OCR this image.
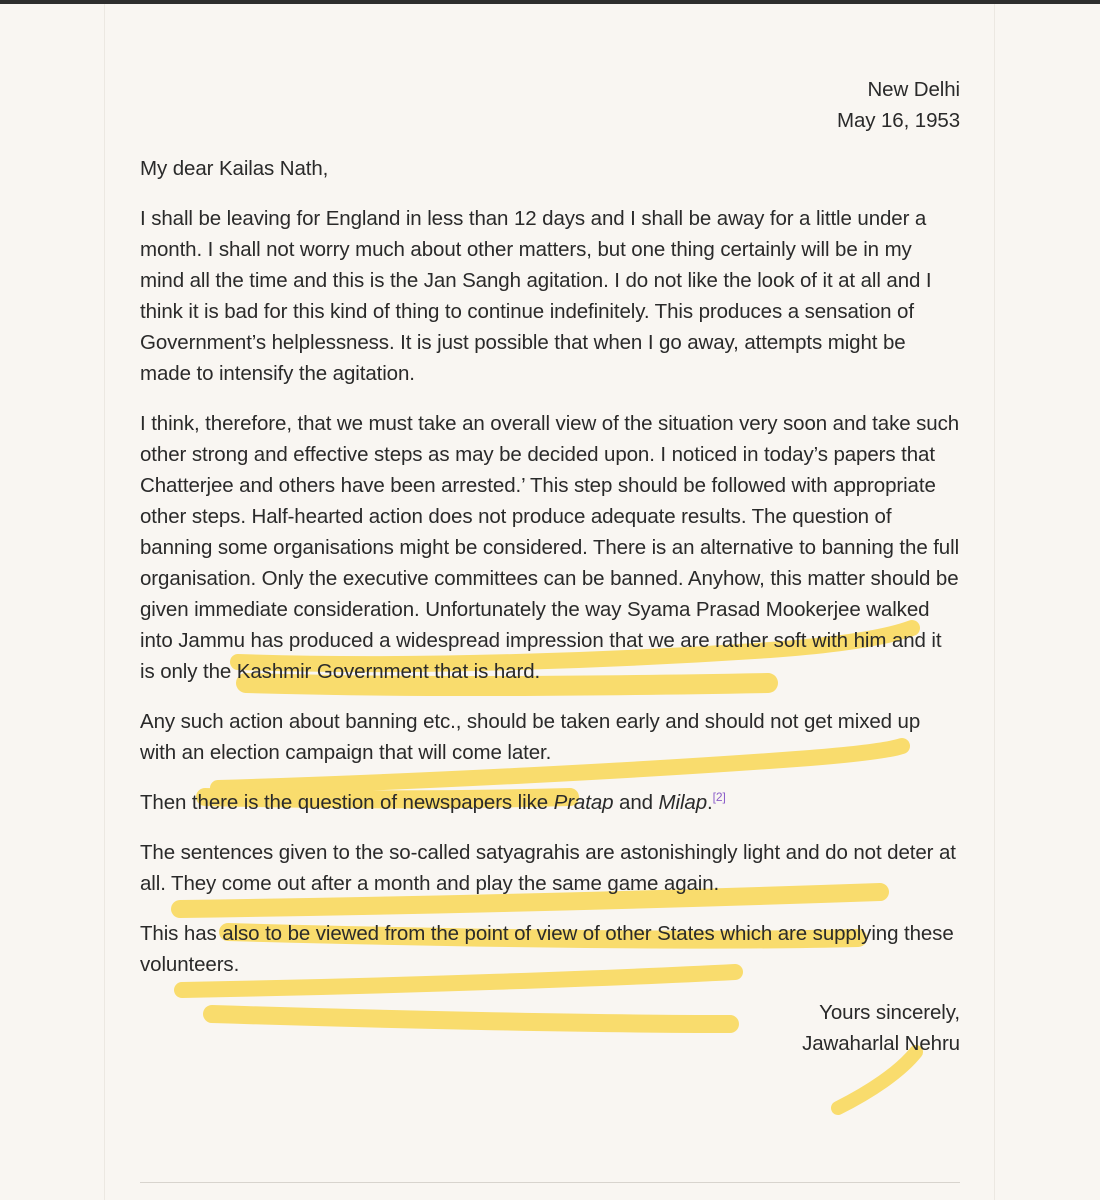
New Delhi

May 16, 1953

My dear Kailas Nath,

I shall be leaving for England in less than 12 days and I shall be away for a little under a month. I shall not worry much about other matters, but one thing certainly will be in my mind all the time and this is the Jan Sangh agitation. I do not like the look of it at all and I think it is bad for this kind of thing to continue indefinitely. This produces a sensation of Government’s helplessness. It is just possible that when I go away, attempts might be made to intensify the agitation.

I think, therefore, that we must take an overall view of the situation very soon and take such other strong and effective steps as may be decided upon. I noticed in today’s papers that Chatterjee and others have been arrested.’ This step should be followed with appropriate other steps. Half-hearted action does not produce adequate results. The question of banning some organisations might be considered. There is an alternative to banning the full organisation. Only the executive committees can be banned. Anyhow, this matter should be given immediate consideration. Unfortunately the way Syama Prasad Mookerjee walked into Jammu has produced a widespread impression that we are rather soft with him and it is only the Kashmir Government that is hard.

Any such action about banning etc., should be taken early and should not get mixed up with an election campaign that will come later.

Then there is the question of newspapers like Pratap and Milap.[2]

The sentences given to the so-called satyagrahis are astonishingly light and do not deter at all. They come out after a month and play the same game again.

This has also to be viewed from the point of view of other States which are supplying these volunteers.

Yours sincerely,

Jawaharlal Nehru
